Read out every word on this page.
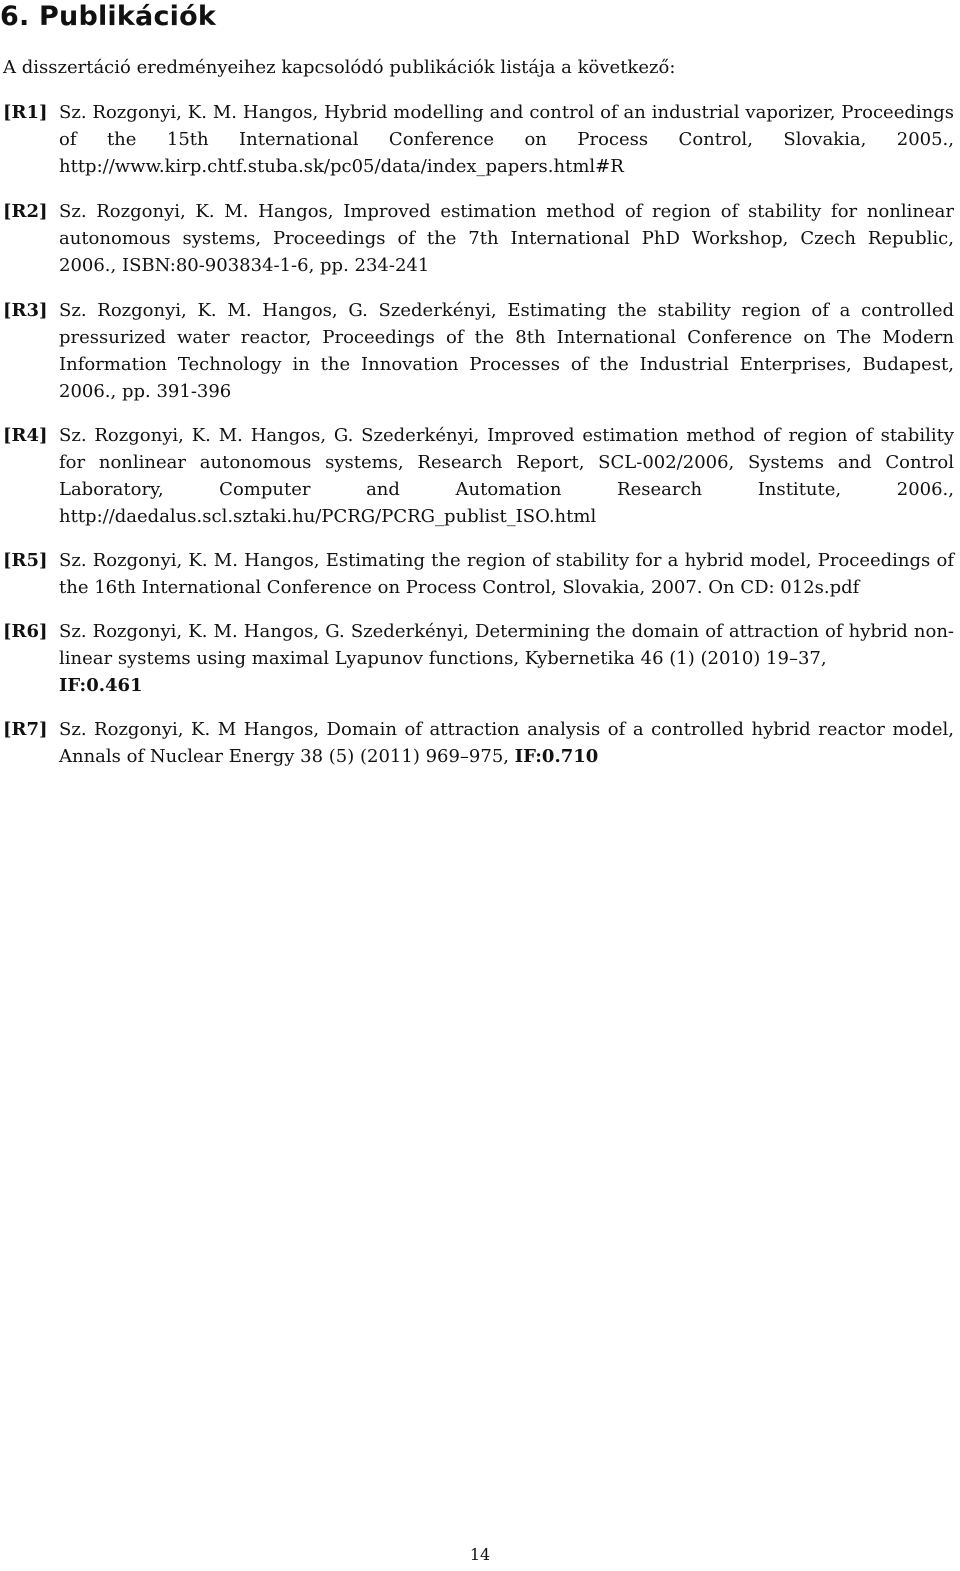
6. Publikációk

A disszertáció eredményeihez kapcsolódó publikációk listája a következő:

[R1] Sz. Rozgonyi, K. M. Hangos, Hybrid modelling and control of an industrial vaporizer, Proceedings of the 15th International Conference on Process Control, Slovakia, 2005., http://www.kirp.chtf.stuba.sk/pc05/data/index_papers.html#R
[R2] Sz. Rozgonyi, K. M. Hangos, Improved estimation method of region of stability for nonlinear autonomous systems, Proceedings of the 7th International PhD Workshop, Czech Republic, 2006., ISBN:80-903834-1-6, pp. 234-241
[R3] Sz. Rozgonyi, K. M. Hangos, G. Szederkényi, Estimating the stability region of a controlled pressurized water reactor, Proceedings of the 8th International Conference on The Modern Information Technology in the Innovation Processes of the Industrial Enterprises, Budapest, 2006., pp. 391-396
[R4] Sz. Rozgonyi, K. M. Hangos, G. Szederkényi, Improved estimation method of region of stability for nonlinear autonomous systems, Research Report, SCL-002/2006, Systems and Control Laboratory, Computer and Automation Research Institute, 2006., http://daedalus.scl.sztaki.hu/PCRG/PCRG_publist_ISO.html
[R5] Sz. Rozgonyi, K. M. Hangos, Estimating the region of stability for a hybrid model, Proceedings of the 16th International Conference on Process Control, Slovakia, 2007. On CD: 012s.pdf
[R6] Sz. Rozgonyi, K. M. Hangos, G. Szederkényi, Determining the domain of attraction of hybrid non-linear systems using maximal Lyapunov functions, Kybernetika 46 (1) (2010) 19–37,
IF:0.461
[R7] Sz. Rozgonyi, K. M Hangos, Domain of attraction analysis of a controlled hybrid reactor model, Annals of Nuclear Energy 38 (5) (2011) 969–975, IF:0.710
14
